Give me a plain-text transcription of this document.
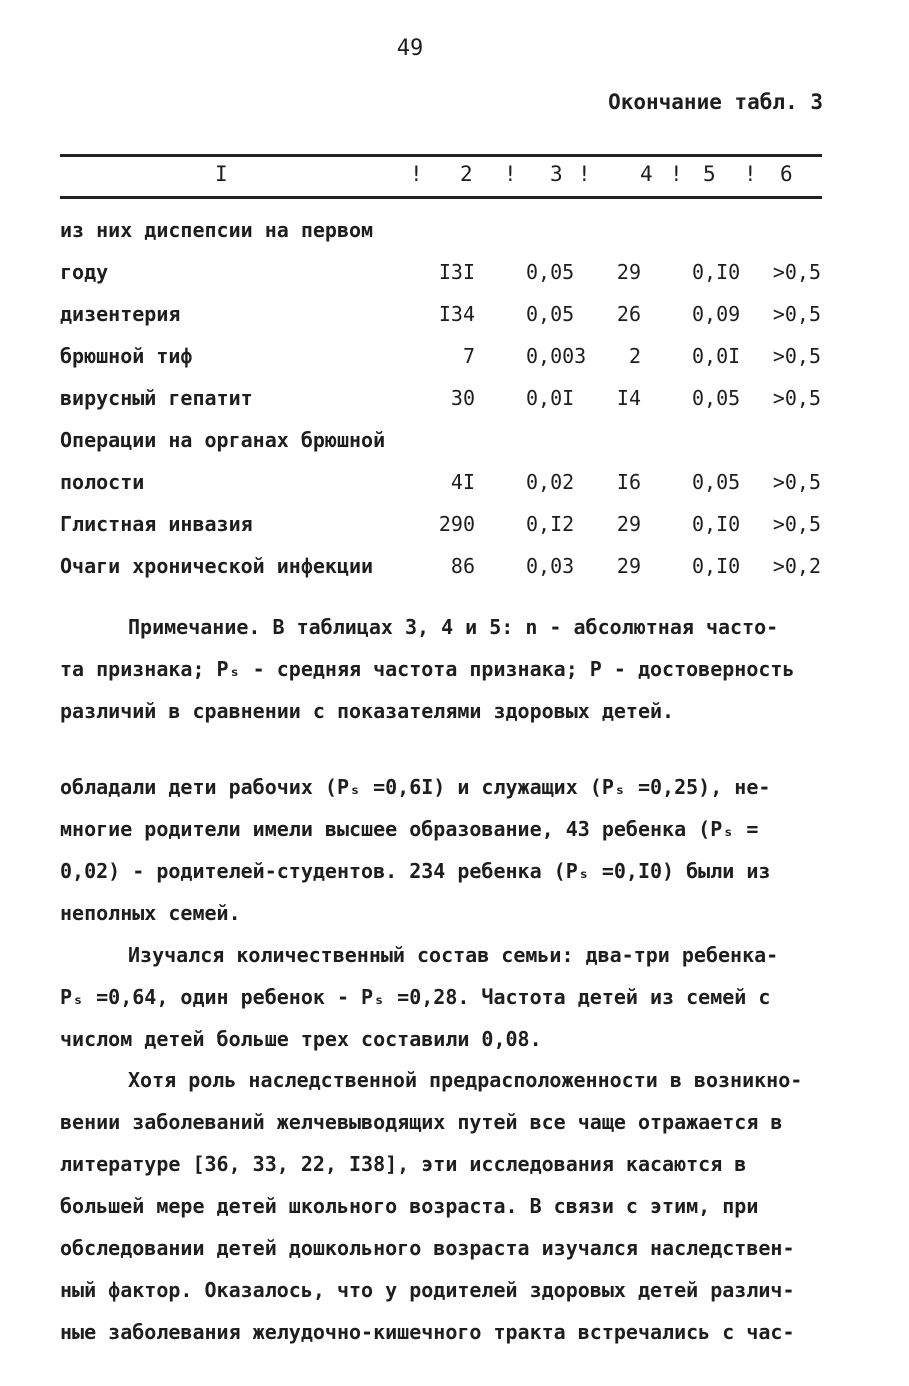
49
Окончание табл. 3
I	! 2 ! 3 ! 4 ! 5 ! 6
из них диспепсии на первом
году	I3I	0,05 29	0,I0 >0,5
дизентерия	I34	0,05 26	0,09 >0,5
брюшной тиф	7	0,003 2	0,0I >0,5
вирусный гепатит	30	0,0I I4	0,05 >0,5
Операции на органах брюшной
полости	4I	0,02 I6	0,05 >0,5
Глистная инвазия	290	0,I2 29	0,I0 >0,5
Очаги хронической инфекции	86	0,03 29	0,I0 >0,2
Примечание. В таблицах 3, 4 и 5: n - абсолютная часто-
та признака; Pₛ - средняя частота признака; P - достоверность
различий в сравнении с показателями здоровых детей.
обладали дети рабочих (Pₛ =0,6I) и служащих (Pₛ =0,25), не-
многие родители имели высшее образование, 43 ребенка (Pₛ =
0,02) - родителей-студентов. 234 ребенка (Pₛ =0,I0) были из
неполных семей.
Изучался количественный состав семьи: два-три ребенка-
Pₛ =0,64, один ребенок - Pₛ =0,28. Частота детей из семей с
числом детей больше трех составили 0,08.
Хотя роль наследственной предрасположенности в возникно-
вении заболеваний желчевыводящих путей все чаще отражается в
литературе [36, 33, 22, I38], эти исследования касаются в
большей мере детей школьного возраста. В связи с этим, при
обследовании детей дошкольного возраста изучался наследствен-
ный фактор. Оказалось, что у родителей здоровых детей различ-
ные заболевания желудочно-кишечного тракта встречались с час-
